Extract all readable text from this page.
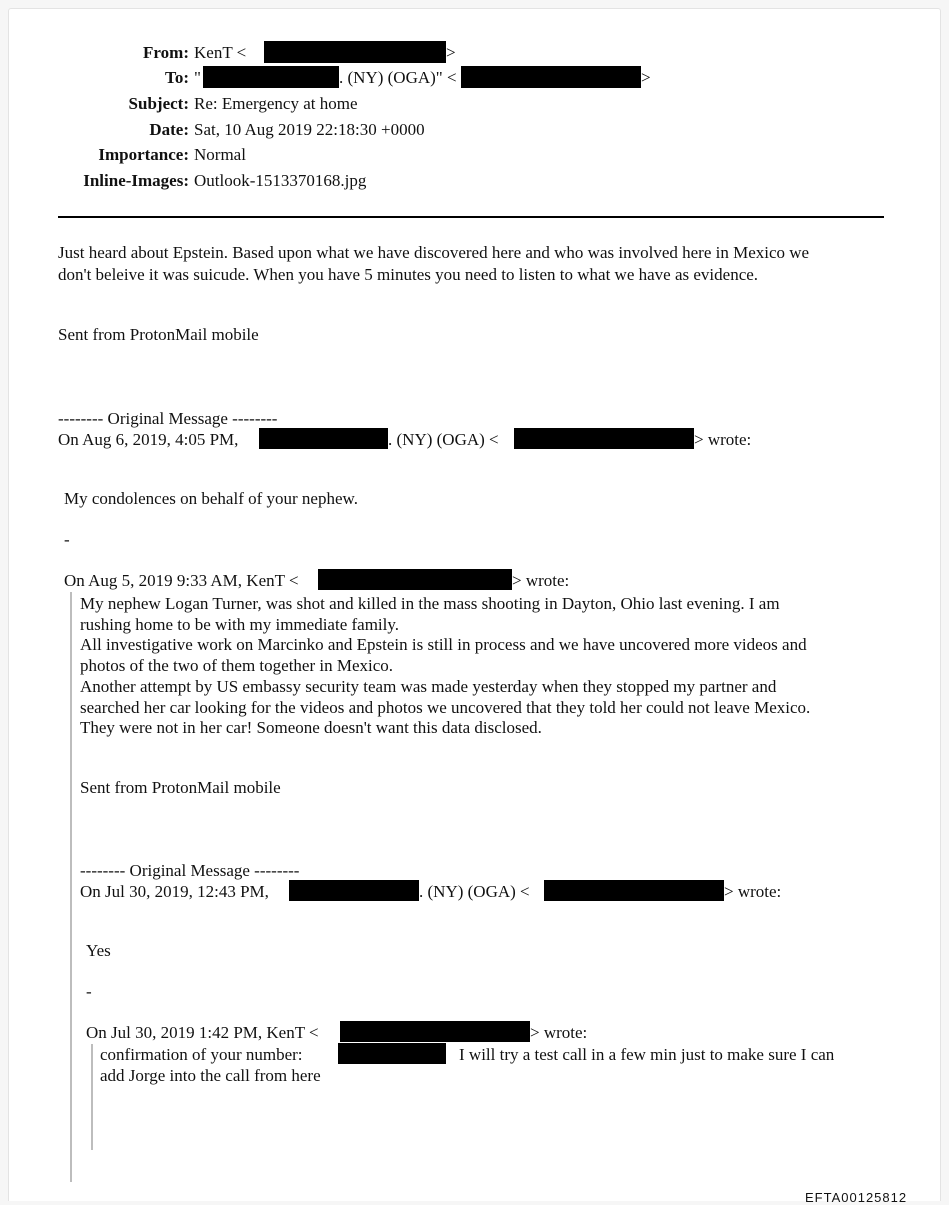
From: KenT <	>
To: "	. (NY) (OGA)" <	>
Subject: Re: Emergency at home
Date: Sat, 10 Aug 2019 22:18:30 +0000
Importance: Normal
Inline-Images: Outlook-1513370168.jpg
Just heard about Epstein. Based upon what we have discovered here and who was involved here in Mexico we
don't beleive it was suicude. When you have 5 minutes you need to listen to what we have as evidence.
Sent from ProtonMail mobile
-------- Original Message --------
On Aug 6, 2019, 4:05 PM,	. (NY) (OGA) <	> wrote:
My condolences on behalf of your nephew.
-
On Aug 5, 2019 9:33 AM, KenT <	> wrote:
My nephew Logan Turner, was shot and killed in the mass shooting in Dayton, Ohio last evening. I am
rushing home to be with my immediate family.
All investigative work on Marcinko and Epstein is still in process and we have uncovered more videos and
photos of the two of them together in Mexico.
Another attempt by US embassy security team was made yesterday when they stopped my partner and
searched her car looking for the videos and photos we uncovered that they told her could not leave Mexico.
They were not in her car! Someone doesn't want this data disclosed.
Sent from ProtonMail mobile
-------- Original Message --------
On Jul 30, 2019, 12:43 PM,	. (NY) (OGA) <	> wrote:
Yes
-
On Jul 30, 2019 1:42 PM, KenT <	> wrote:
confirmation of your number:	I will try a test call in a few min just to make sure I can
add Jorge into the call from here
EFTA00125812
